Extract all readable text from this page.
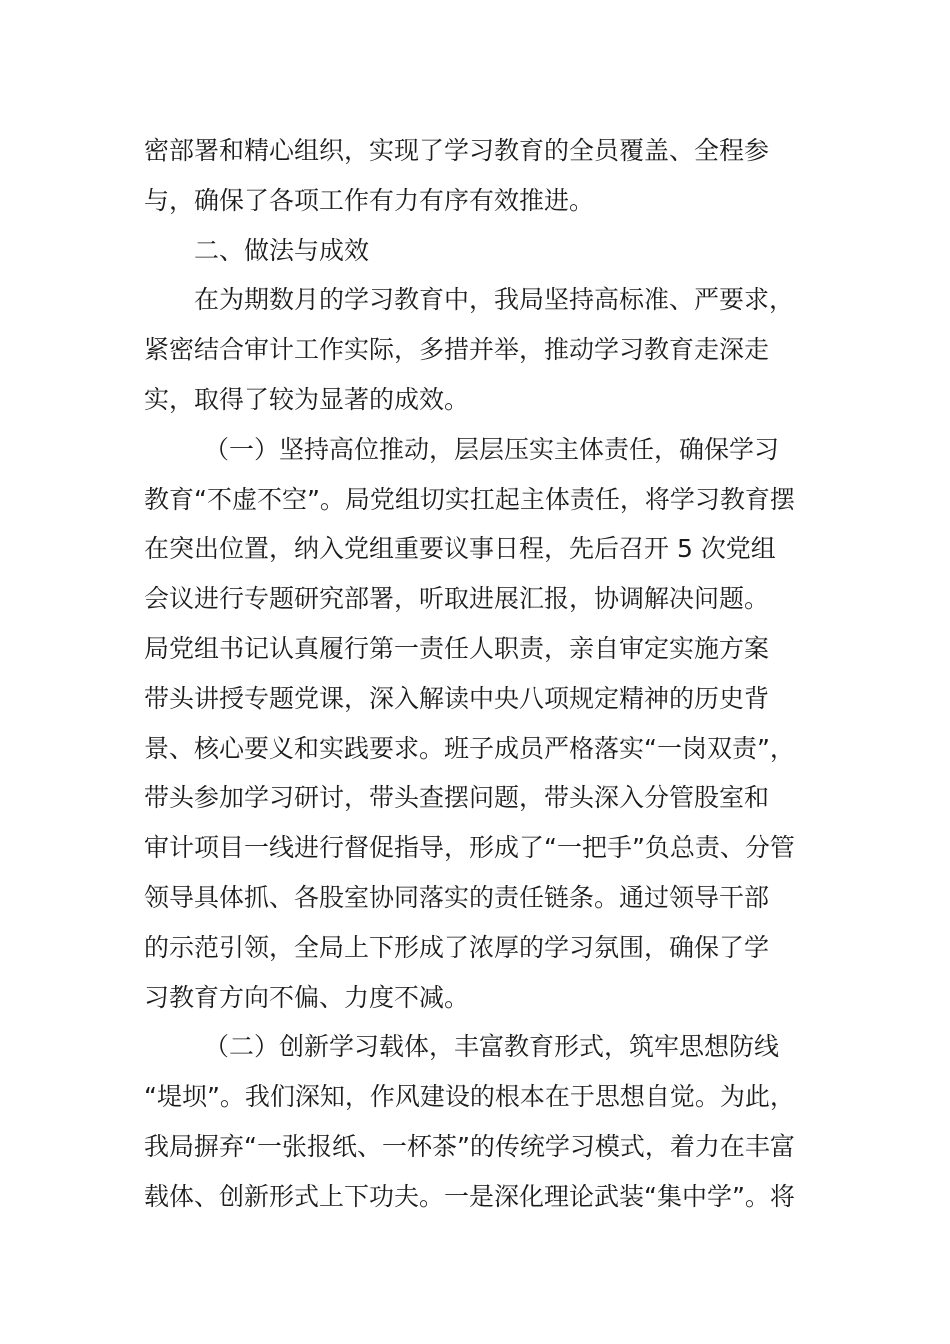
密部署和精心组织，实现了学习教育的全员覆盖、全程参
与，确保了各项工作有力有序有效推进。

二、做法与成效

在为期数月的学习教育中，我局坚持高标准、严要求，
紧密结合审计工作实际，多措并举，推动学习教育走深走
实，取得了较为显著的成效。

（一）坚持高位推动，层层压实主体责任，确保学习
教育“不虚不空”。局党组切实扛起主体责任，将学习教育摆
在突出位置，纳入党组重要议事日程，先后召开 5 次党组
会议进行专题研究部署，听取进展汇报，协调解决问题。
局党组书记认真履行第一责任人职责，亲自审定实施方案
带头讲授专题党课，深入解读中央八项规定精神的历史背
景、核心要义和实践要求。班子成员严格落实“一岗双责”，
带头参加学习研讨，带头查摆问题，带头深入分管股室和
审计项目一线进行督促指导，形成了“一把手”负总责、分管
领导具体抓、各股室协同落实的责任链条。通过领导干部
的示范引领，全局上下形成了浓厚的学习氛围，确保了学
习教育方向不偏、力度不减。

（二）创新学习载体，丰富教育形式，筑牢思想防线
“堤坝”。我们深知，作风建设的根本在于思想自觉。为此，
我局摒弃“一张报纸、一杯茶”的传统学习模式，着力在丰富
载体、创新形式上下功夫。一是深化理论武装“集中学”。将
